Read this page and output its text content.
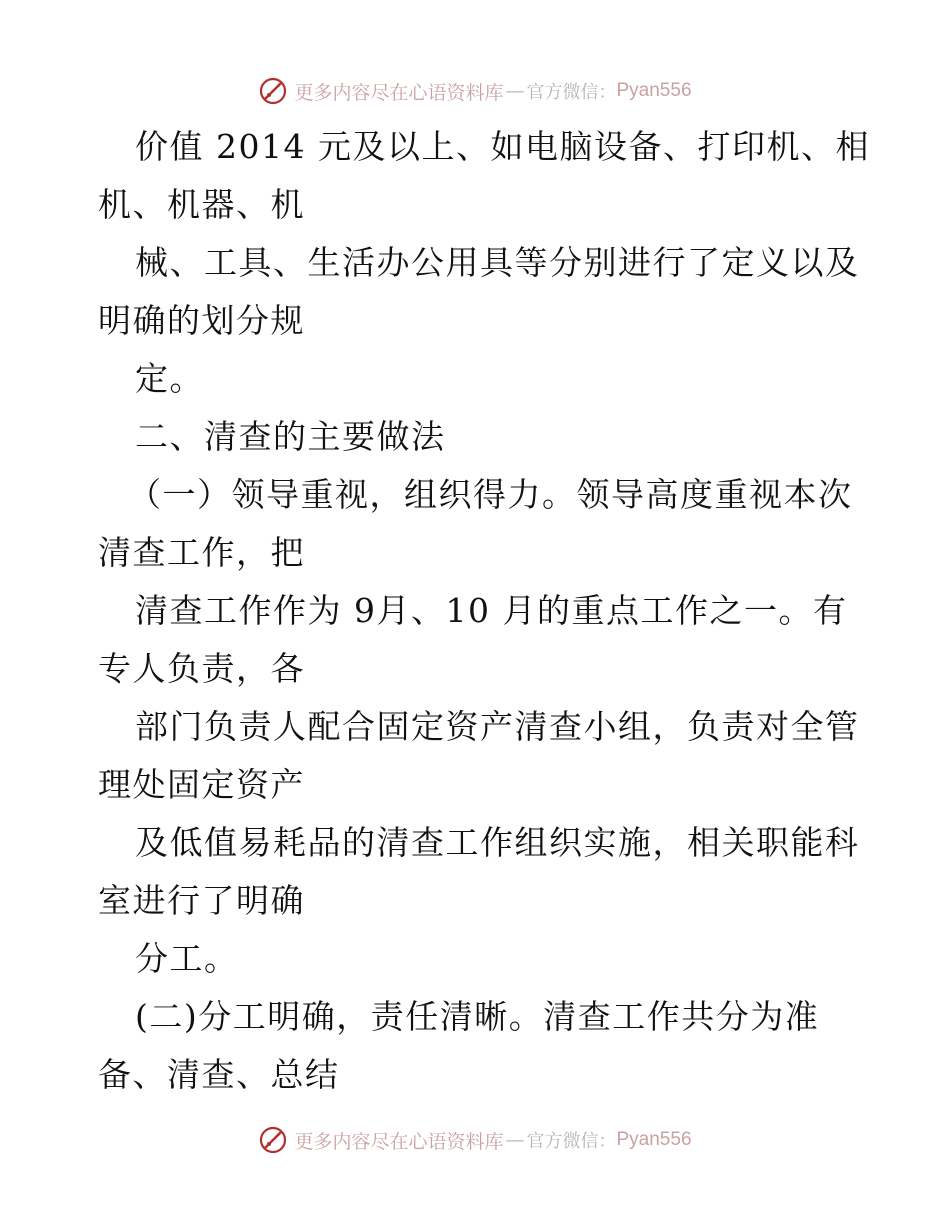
更多内容尽在心语资料库 — 官方微信： Pyan556
价值 2014 元及以上、如电脑设备、打印机、相
机、机器、机
械、工具、生活办公用具等分别进行了定义以及
明确的划分规
定。
二、清查的主要做法
（一）领导重视，组织得力。领导高度重视本次
清查工作，把
清查工作作为 9月、10 月的重点工作之一。有
专人负责，各
部门负责人配合固定资产清查小组，负责对全管
理处固定资产
及低值易耗品的清查工作组织实施，相关职能科
室进行了明确
分工。
(二)分工明确，责任清晰。清查工作共分为准
备、清查、总结
更多内容尽在心语资料库 — 官方微信： Pyan556
